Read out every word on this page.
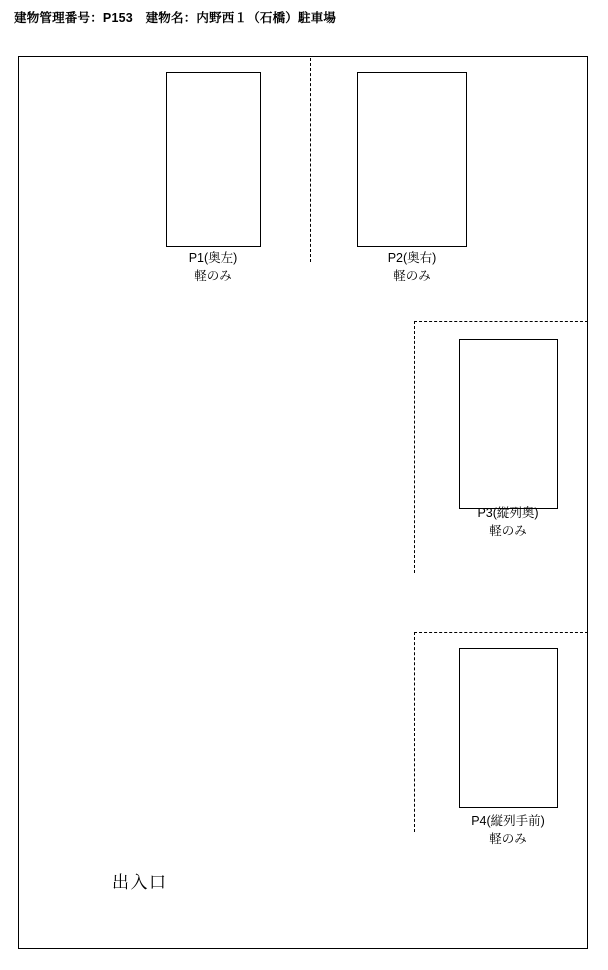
建物管理番号：P153　建物名：内野西１（石橋）駐車場
P1(奥左)
軽のみ
P2(奥右)
軽のみ
P3(縦列奥)
軽のみ
P4(縦列手前)
軽のみ
出入口
